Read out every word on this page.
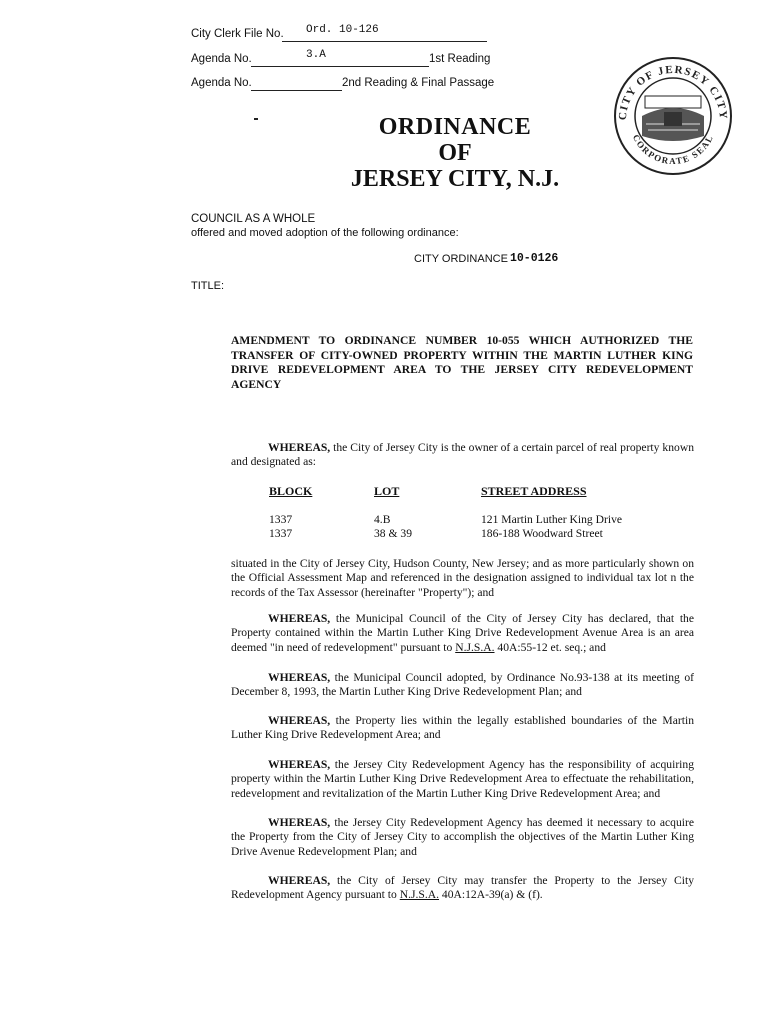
City Clerk File No. Ord. 10-126
Agenda No.	3.A	1st Reading
Agenda No.	2nd Reading & Final Passage
ORDINANCE
OF
JERSEY CITY, N.J.
CITY OF JERSEY CITY
CORPORATE SEAL
COUNCIL AS A WHOLE
offered and moved adoption of the following ordinance:
CITY ORDINANCE 10-0126
TITLE:
AMENDMENT TO ORDINANCE NUMBER 10-055 WHICH AUTHORIZED THE TRANSFER OF CITY-OWNED PROPERTY WITHIN THE MARTIN LUTHER KING DRIVE REDEVELOPMENT AREA TO THE JERSEY CITY REDEVELOPMENT AGENCY
WHEREAS, the City of Jersey City is the owner of a certain parcel of real property known and designated as:
BLOCK	LOT	STREET ADDRESS
1337	4.B	121 Martin Luther King Drive
1337	38 & 39	186-188 Woodward Street
situated in the City of Jersey City, Hudson County, New Jersey; and as more particularly shown on the Official Assessment Map and referenced in the designation assigned to individual tax lot n the records of the Tax Assessor (hereinafter "Property"); and
WHEREAS, the Municipal Council of the City of Jersey City has declared, that the Property contained within the Martin Luther King Drive Redevelopment Avenue Area is an area deemed "in need of redevelopment" pursuant to N.J.S.A. 40A:55-12 et. seq.; and
WHEREAS, the Municipal Council adopted, by Ordinance No.93-138 at its meeting of December 8, 1993, the Martin Luther King Drive Redevelopment Plan; and
WHEREAS, the Property lies within the legally established boundaries of the Martin Luther King Drive Redevelopment Area; and
WHEREAS, the Jersey City Redevelopment Agency has the responsibility of acquiring property within the Martin Luther King Drive Redevelopment Area to effectuate the rehabilitation, redevelopment and revitalization of the Martin Luther King Drive Redevelopment Area; and
WHEREAS, the Jersey City Redevelopment Agency has deemed it necessary to acquire the Property from the City of Jersey City to accomplish the objectives of the Martin Luther King Drive Avenue Redevelopment Plan; and
WHEREAS, the City of Jersey City may transfer the Property to the Jersey City Redevelopment Agency pursuant to N.J.S.A. 40A:12A-39(a) & (f).
